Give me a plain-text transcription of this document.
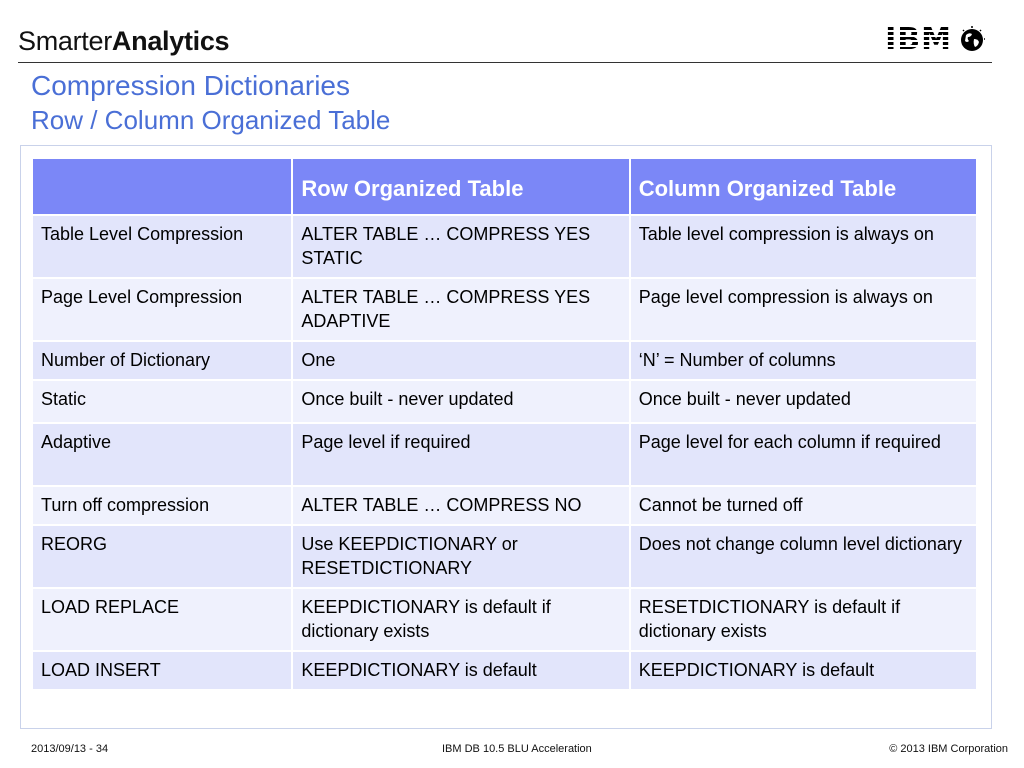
SmarterAnalytics	IBM
Compression Dictionaries
Row / Column Organized Table
	Row Organized Table	Column Organized Table
Table Level Compression	ALTER TABLE … COMPRESS YES STATIC	Table level compression is always on
Page Level Compression	ALTER TABLE … COMPRESS YES ADAPTIVE	Page level compression is always on
Number of Dictionary	One	‘N’ = Number of columns
Static	Once built - never updated	Once built - never updated
Adaptive	Page level if required	Page level for each column if required
Turn off compression	ALTER TABLE … COMPRESS NO	Cannot be turned off
REORG	Use KEEPDICTIONARY or RESETDICTIONARY	Does not change column level dictionary
LOAD REPLACE	KEEPDICTIONARY is default if dictionary exists	RESETDICTIONARY is default if dictionary exists
LOAD INSERT	KEEPDICTIONARY is default	KEEPDICTIONARY is default
2013/09/13 - 34	IBM DB 10.5 BLU Acceleration	© 2013 IBM Corporation
